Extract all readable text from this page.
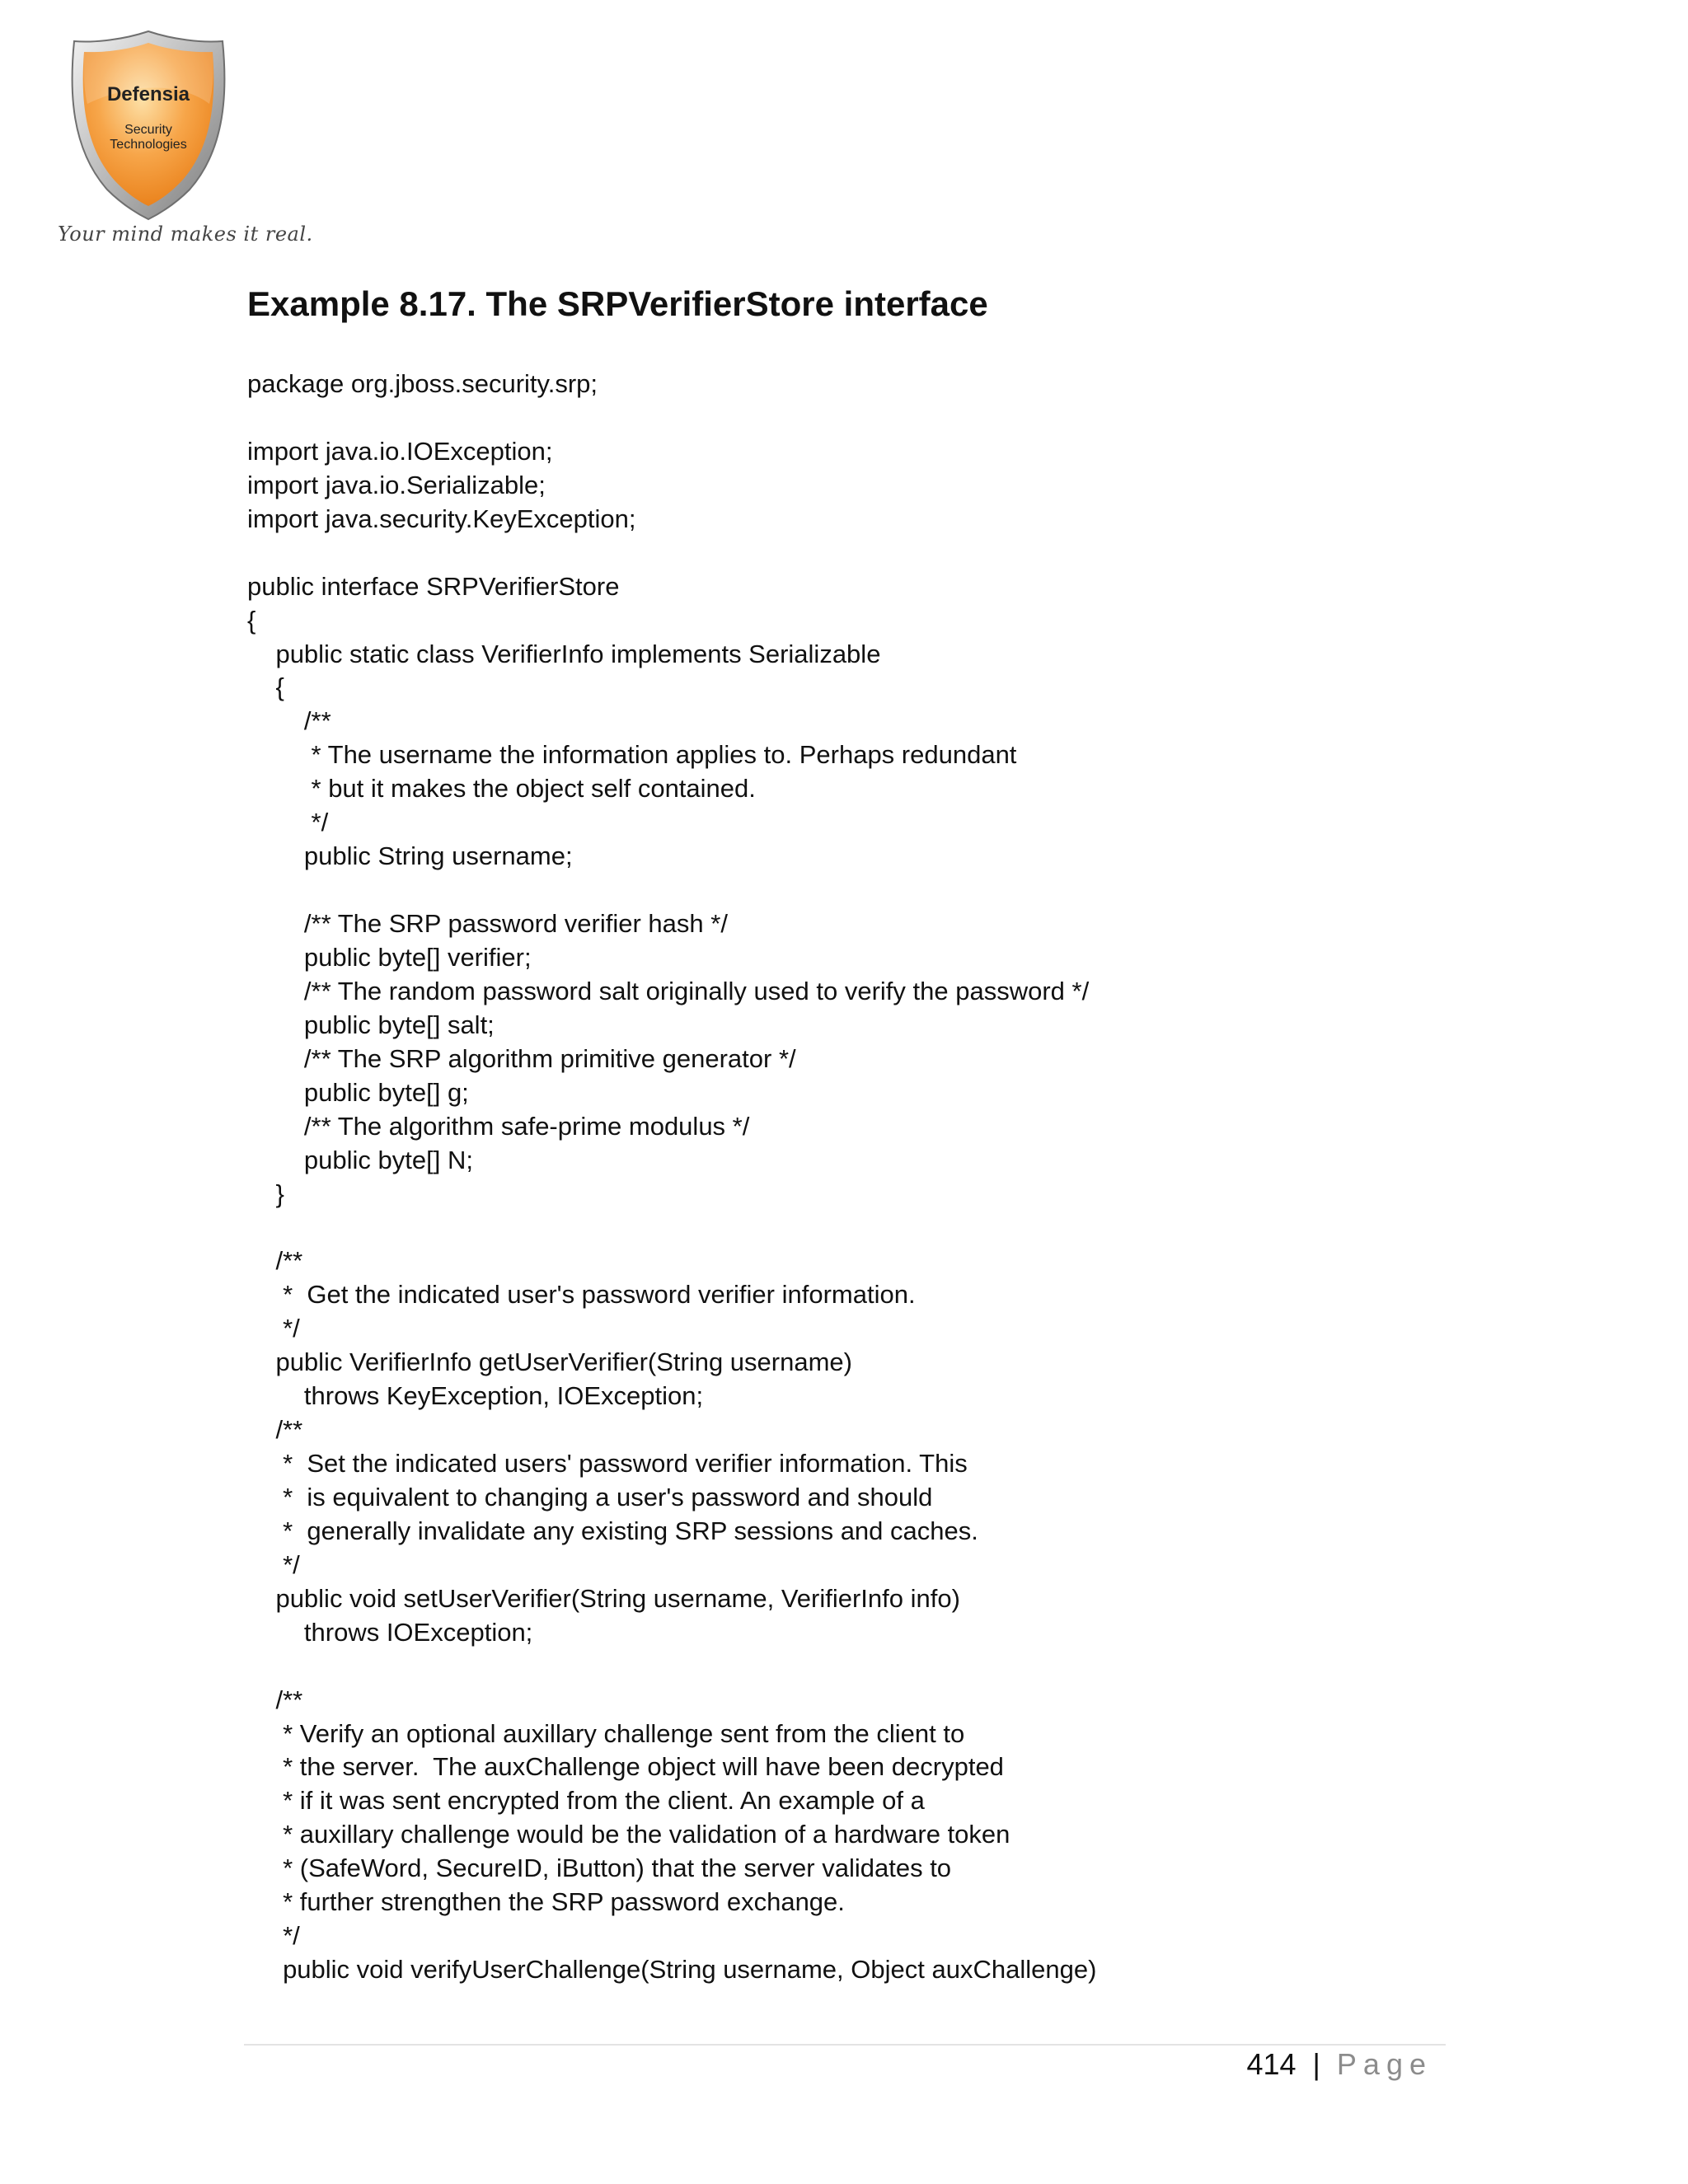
Defensia
Security
Technologies
Your mind makes it real.
Example 8.17. The SRPVerifierStore interface
package org.jboss.security.srp;
import java.io.IOException;
import java.io.Serializable;
import java.security.KeyException;
public interface SRPVerifierStore
{
public static class VerifierInfo implements Serializable
{
/**
* The username the information applies to. Perhaps redundant
* but it makes the object self contained.
*/
public String username;
/** The SRP password verifier hash */
public byte[] verifier;
/** The random password salt originally used to verify the password */
public byte[] salt;
/** The SRP algorithm primitive generator */
public byte[] g;
/** The algorithm safe-prime modulus */
public byte[] N;
}
/**
*  Get the indicated user's password verifier information.
*/
public VerifierInfo getUserVerifier(String username)
throws KeyException, IOException;
/**
*  Set the indicated users' password verifier information. This
*  is equivalent to changing a user's password and should
*  generally invalidate any existing SRP sessions and caches.
*/
public void setUserVerifier(String username, VerifierInfo info)
throws IOException;
/**
* Verify an optional auxillary challenge sent from the client to
* the server.  The auxChallenge object will have been decrypted
* if it was sent encrypted from the client. An example of a
* auxillary challenge would be the validation of a hardware token
* (SafeWord, SecureID, iButton) that the server validates to
* further strengthen the SRP password exchange.
*/
public void verifyUserChallenge(String username, Object auxChallenge)
414 | Page
